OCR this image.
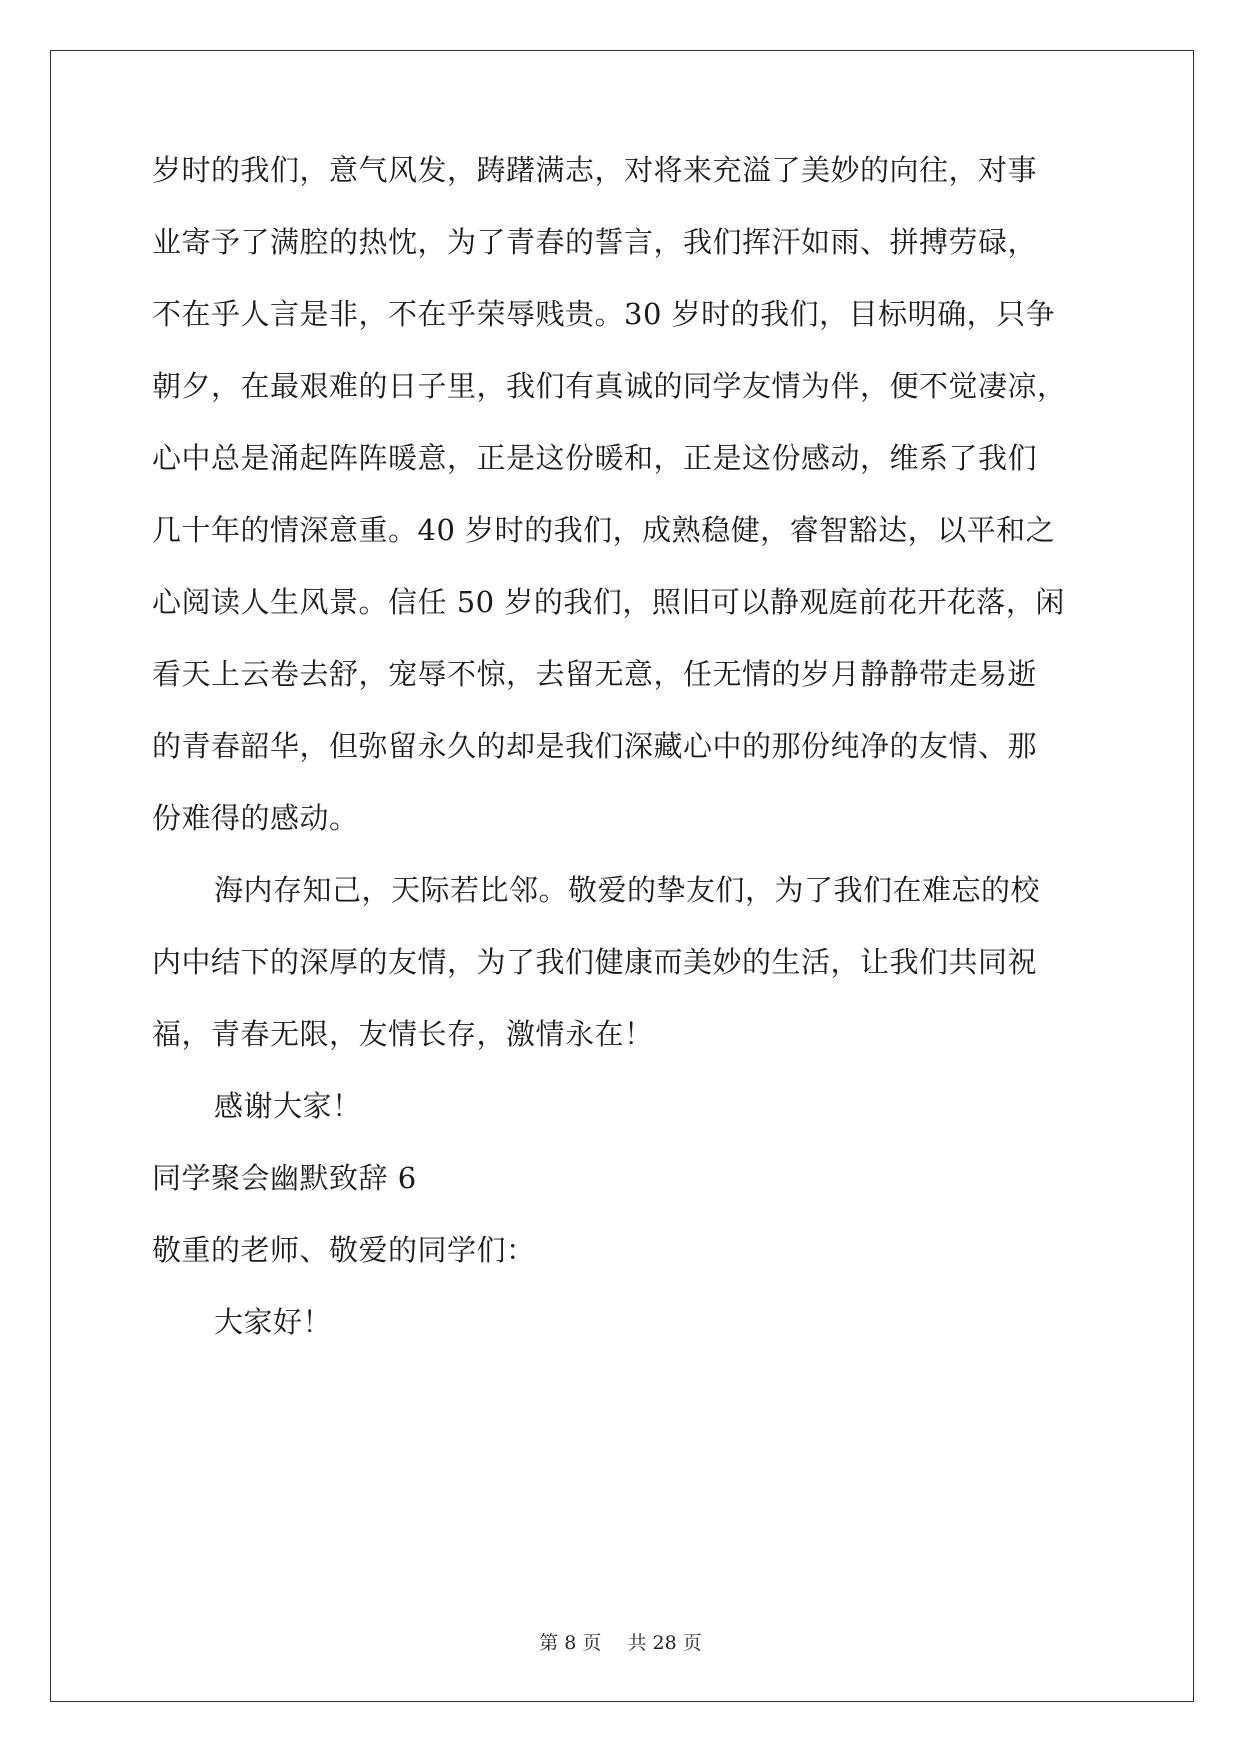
岁时的我们，意气风发，踌躇满志，对将来充溢了美妙的向往，对事
业寄予了满腔的热忱，为了青春的誓言，我们挥汗如雨、拼搏劳碌，
不在乎人言是非，不在乎荣辱贱贵。30 岁时的我们，目标明确，只争
朝夕，在最艰难的日子里，我们有真诚的同学友情为伴，便不觉凄凉，
心中总是涌起阵阵暖意，正是这份暖和，正是这份感动，维系了我们
几十年的情深意重。40 岁时的我们，成熟稳健，睿智豁达，以平和之
心阅读人生风景。信任 50 岁的我们，照旧可以静观庭前花开花落，闲
看天上云卷去舒，宠辱不惊，去留无意，任无情的岁月静静带走易逝
的青春韶华，但弥留永久的却是我们深藏心中的那份纯净的友情、那
份难得的感动。
海内存知己，天际若比邻。敬爱的挚友们，为了我们在难忘的校
内中结下的深厚的友情，为了我们健康而美妙的生活，让我们共同祝
福，青春无限，友情长存，激情永在！
感谢大家！
同学聚会幽默致辞 6
敬重的老师、敬爱的同学们：
大家好！
第 8 页 共 28 页
